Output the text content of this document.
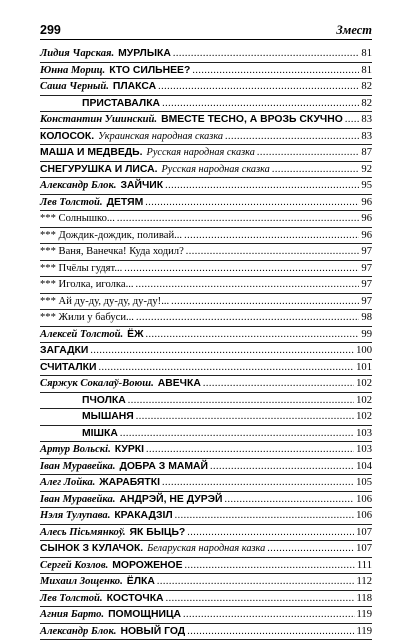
299	Змест
Лидия Чарская. МУРЛЫКА .....	81
Юнна Мориц. КТО СИЛЬНЕЕ? .....	81
Саша Черный. ПЛАКСА .....	82
ПРИСТАВАЛКА .....	82
Константин Ушинский. ВМЕСТЕ ТЕСНО, А ВРОЗЬ СКУЧНО ..... 83
КОЛОСОК. Украинская народная сказка .....	83
МАША И МЕДВЕДЬ. Русская народная сказка .....	87
СНЕГУРУШКА И ЛИСА. Русская народная сказка .....	92
Александр Блок. ЗАЙЧИК .....	95
Лев Толстой. ДЕТЯМ .....	96
*** Солнышко... .....	96
*** Дождик-дождик, поливай... .....	96
*** Ваня, Ванечка! Куда ходил? .....	97
*** Пчёлы гудят... .....	97
*** Иголка, иголка... .....	97
*** Ай ду-ду, ду-ду, ду-ду!... .....	97
*** Жили у бабуси... .....	98
Алексей Толстой. ЁЖ .....	99
ЗАГАДКИ .....	100
СЧИТАЛКИ .....	101
Сяржук Сокалаў-Воюш. АВЕЧКА .....	102
ПЧОЛКА .....	102
МЫШАНЯ .....	102
МІШКА .....	103
Артур Вольскі. КУРКІ .....	103
Іван Муравейка. ДОБРА З МАМАЙ .....	104
Алег Лойка. ЖАРАБЯТКІ .....	105
Іван Муравейка. АНДРЭЙ, НЕ ДУРЭЙ .....	106
Нэля Тулупава. КРАКАДЗІЛ .....	106
Алесь Пісьмянкоў. ЯК БЫЦЬ? .....	107
СЫНОК З КУЛАЧОК. Беларуская народная казка .....	107
Сергей Козлов. МОРОЖЕНОЕ .....	111
Михаил Зощенко. ЁЛКА .....	112
Лев Толстой. КОСТОЧКА .....	118
Агния Барто. ПОМОЩНИЦА .....	119
Александр Блок. НОВЫЙ ГОД .....	119
